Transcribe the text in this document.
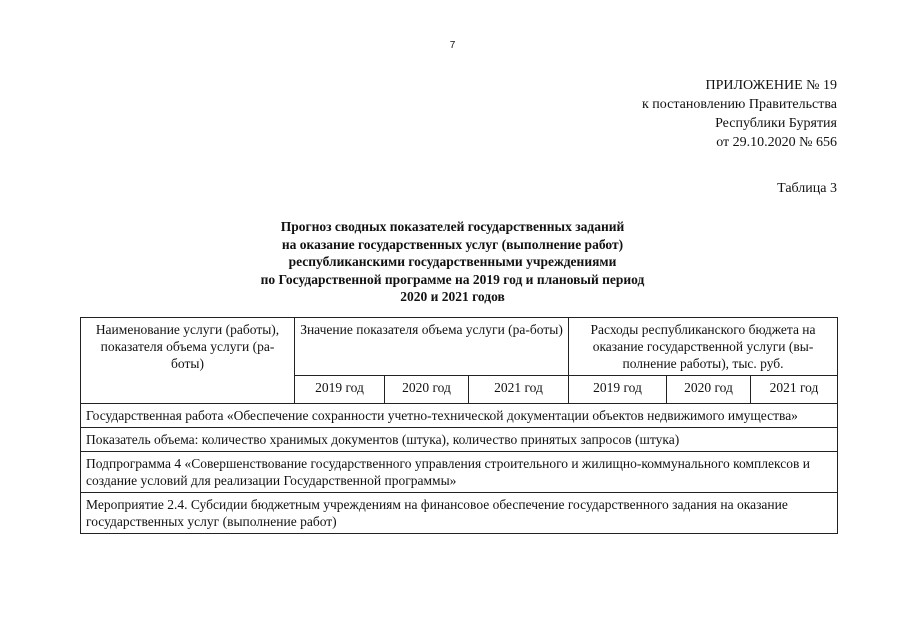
7
ПРИЛОЖЕНИЕ № 19
к постановлению Правительства
Республики Бурятия
от 29.10.2020 № 656
Таблица 3
Прогноз сводных показателей государственных заданий
на оказание государственных услуг (выполнение работ)
республиканскими государственными учреждениями
по Государственной программе на 2019 год и плановый период
2020 и 2021 годов
Наименование услуги (работы), показателя объема услуги (ра-боты)	Значение показателя объема услуги (ра-боты)			Расходы республиканского бюджета на оказание государственной услуги (вы-полнение работы), тыс. руб.		
	2019 год	2020 год	2021 год	2019 год	2020 год	2021 год
Государственная работа «Обеспечение сохранности учетно-технической документации объектов недвижимого имущества»						
Показатель объема: количество хранимых документов (штука), количество принятых запросов (штука)						
Подпрограмма 4 «Совершенствование государственного управления строительного и жилищно-коммунального комплексов и создание условий для реализации Государственной программы»						
Мероприятие 2.4. Субсидии бюджетным учреждениям на финансовое обеспечение государственного задания на оказание государственных услуг (выполнение работ)						
